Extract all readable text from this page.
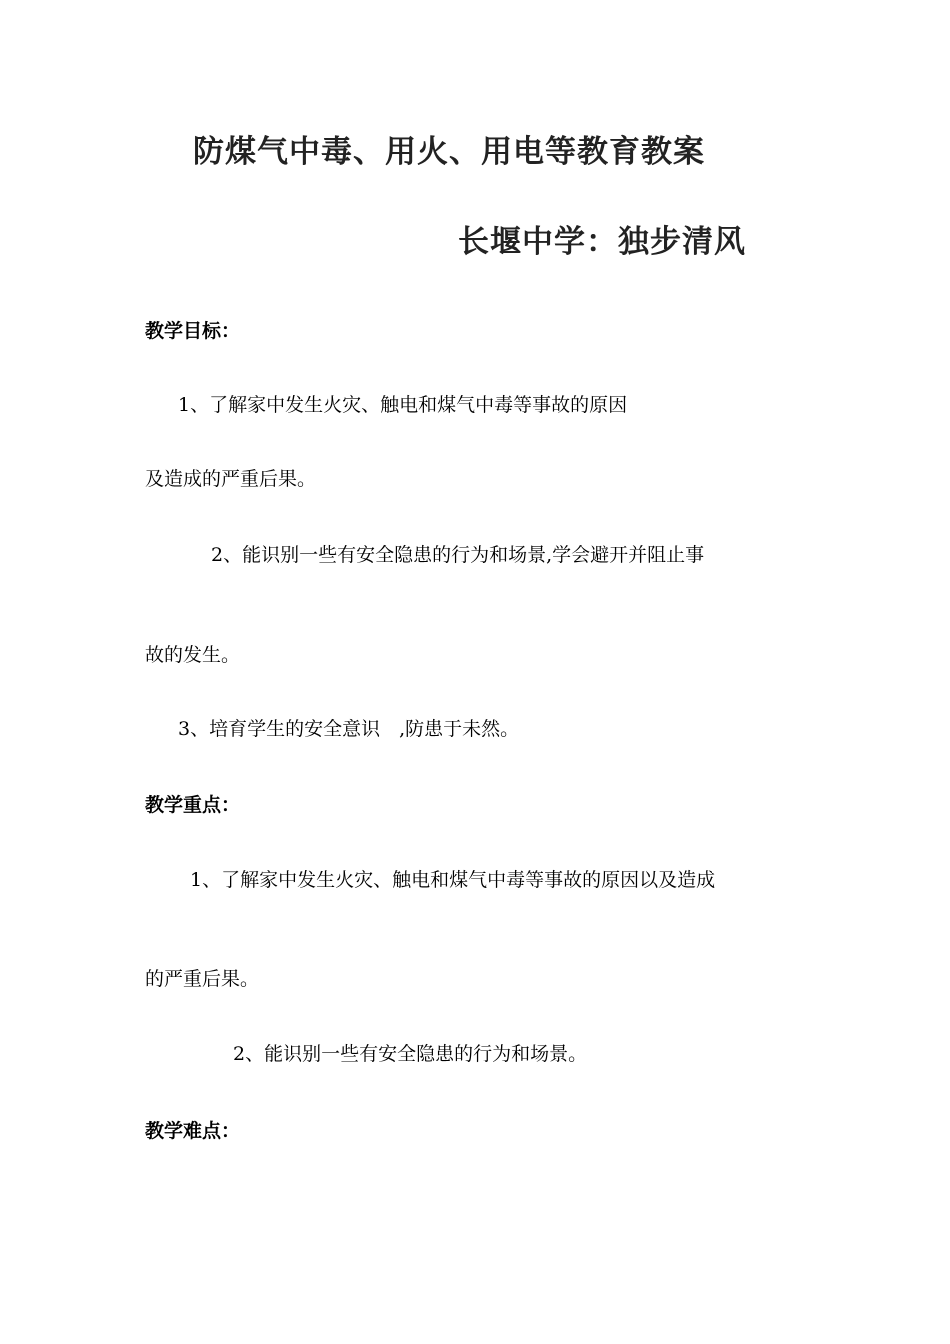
防煤气中毒、用火、用电等教育教案
长堰中学：独步清风
教学目标：
1、了解家中发生火灾、触电和煤气中毒等事故的原因
及造成的严重后果。
2、能识别一些有安全隐患的行为和场景,学会避开并阻止事
故的发生。
3、培育学生的安全意识　,防患于未然。
教学重点：
1、了解家中发生火灾、触电和煤气中毒等事故的原因以及造成
的严重后果。
2、能识别一些有安全隐患的行为和场景。
教学难点：
